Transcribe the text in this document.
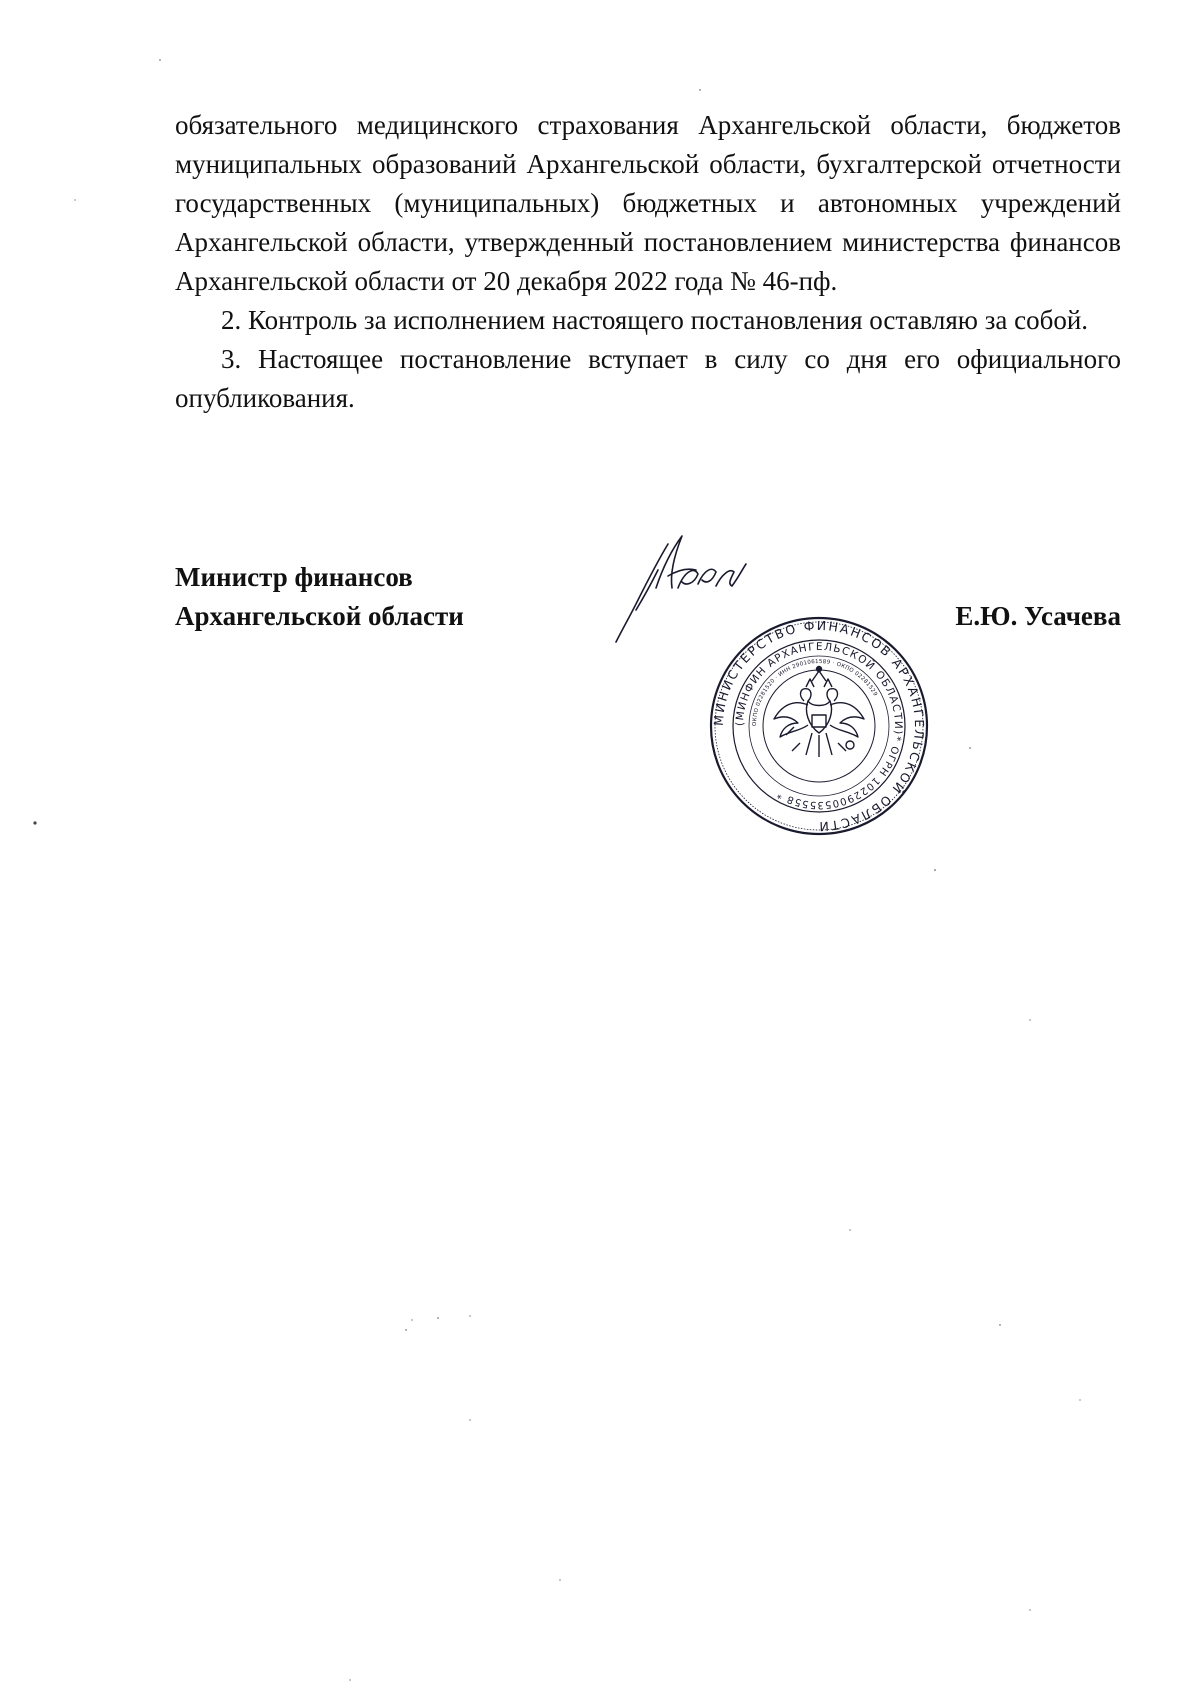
обязательного медицинского страхования Архангельской области, бюджетов муниципальных образований Архангельской области, бухгалтерской отчетности государственных (муниципальных) бюджетных и автономных учреждений Архангельской области, утвержденный постановлением министерства финансов Архангельской области от 20 декабря 2022 года № 46-пф.

2. Контроль за исполнением настоящего постановления оставляю за собой.

3. Настоящее постановление вступает в силу со дня его официального опубликования.

Министр финансов
Архангельской области	Е.Ю. Усачева
МИНИСТЕРСТВО ФИНАНСОВ АРХАНГЕЛЬСКОЙ ОБЛАСТИ
(МИНФИН АРХАНГЕЛЬСКОЙ ОБЛАСТИ)
* ОГРН 1022900535558 *
ОКПО 02281520 · ИНН 2901061589 · ОКПО 02281529
